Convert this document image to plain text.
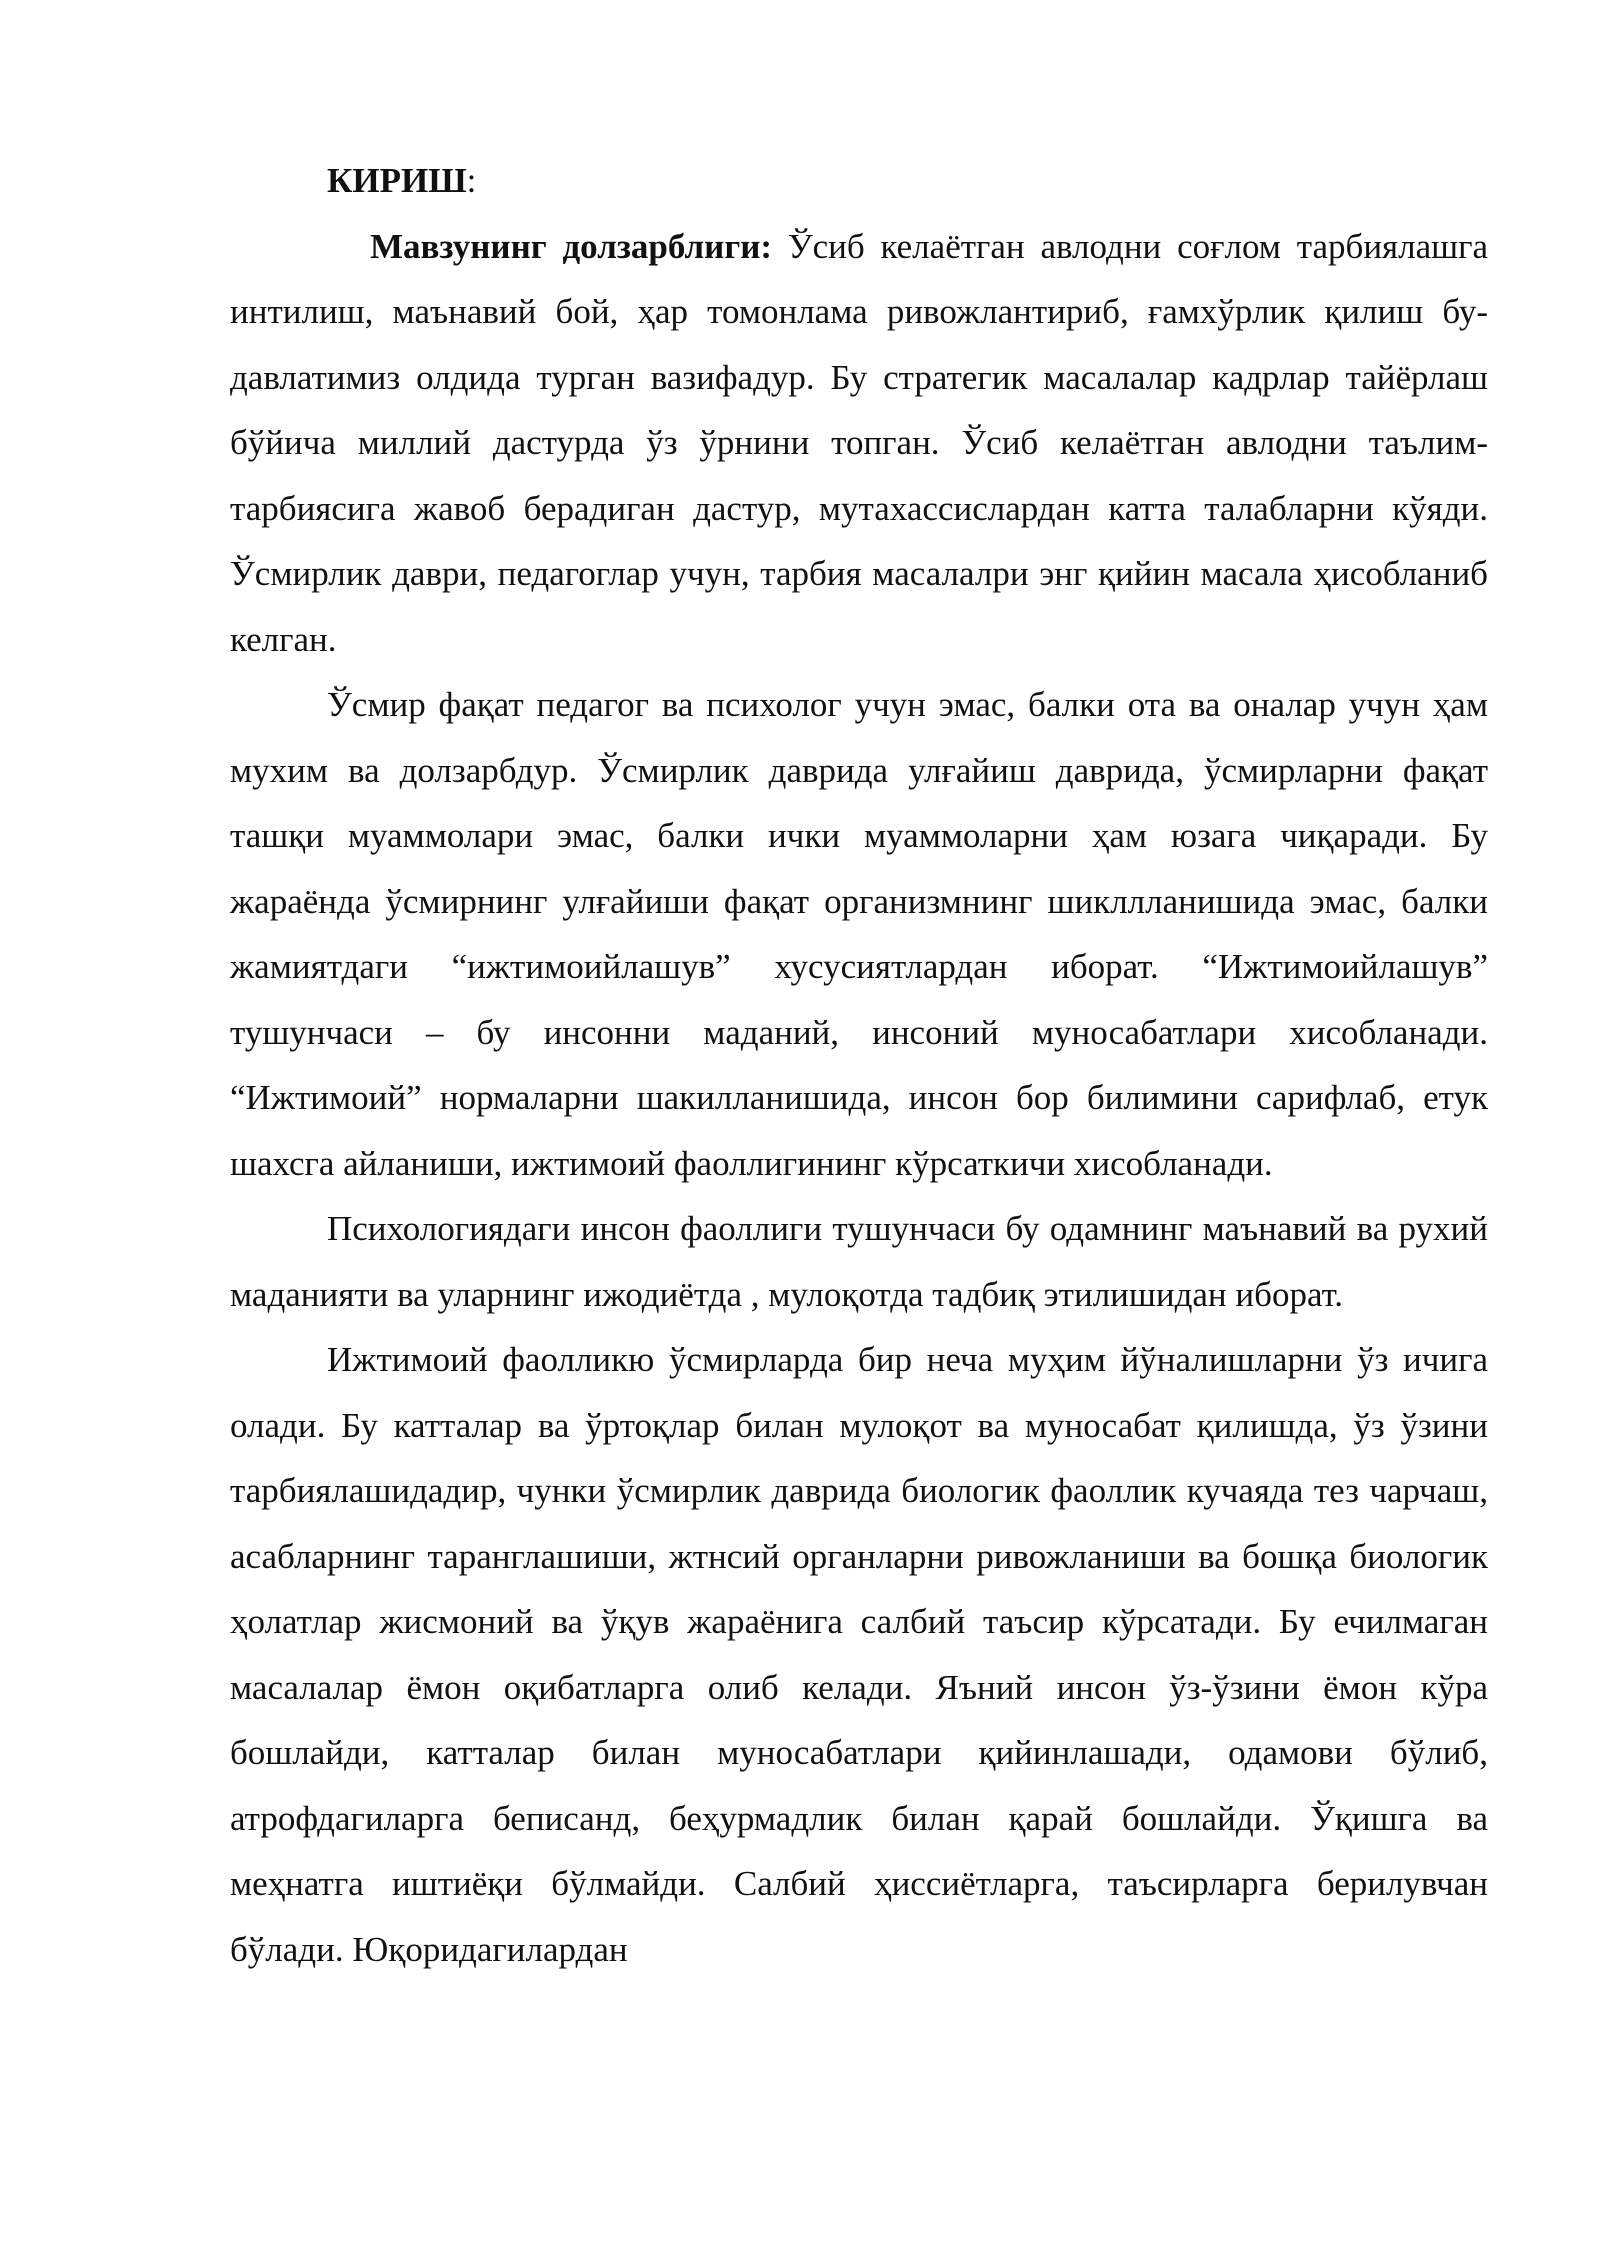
КИРИШ:

Мавзунинг долзарблиги: Ўсиб келаётган авлодни соғлом тарбиялашга интилиш, маънавий бой, ҳар томонлама ривожлантириб, ғамхўрлик қилиш бу- давлатимиз олдида турган вазифадур. Бу стратегик масалалар кадрлар тайёрлаш бўйича миллий дастурда ўз ўрнини топган. Ўсиб келаётган авлодни таълим-тарбиясига жавоб берадиган дастур, мутахассислардан катта талабларни кўяди. Ўсмирлик даври, педагоглар учун, тарбия масалалри энг қийин масала ҳисобланиб келган.

Ўсмир фақат педагог ва психолог учун эмас, балки ота ва оналар учун ҳам мухим ва долзарбдур. Ўсмирлик даврида улғайиш даврида, ўсмирларни фақат ташқи муаммолари эмас, балки ички муаммоларни ҳам юзага чиқаради. Бу жараёнда ўсмирнинг улғайиши фақат организмнинг шикллланишида эмас, балки жамиятдаги “ижтимоийлашув” хусусиятлардан иборат. “Ижтимоийлашув” тушунчаси – бу инсонни маданий, инсоний муносабатлари хисобланади. “Ижтимоий” нормаларни шакилланишида, инсон бор билимини сарифлаб, етук шахсга айланиши, ижтимоий фаоллигининг кўрсаткичи хисобланади.

Психологиядаги инсон фаоллиги тушунчаси бу одамнинг маънавий ва рухий маданияти ва уларнинг ижодиётда , мулоқотда тадбиқ этилишидан иборат.

Ижтимоий фаолликю ўсмирларда бир неча муҳим йўналишларни ўз ичига олади. Бу катталар ва ўртоқлар билан мулоқот ва муносабат қилишда, ўз ўзини тарбиялашидадир, чунки ўсмирлик даврида биологик фаоллик кучаяда тез чарчаш, асабларнинг таранглашиши, жтнсий органларни ривожланиши ва бошқа биологик ҳолатлар жисмоний ва ўқув жараёнига салбий таъсир кўрсатади. Бу ечилмаган масалалар ёмон оқибатларга олиб келади. Яъний инсон ўз-ўзини ёмон кўра бошлайди, катталар билан муносабатлари қийинлашади, одамови бўлиб, атрофдагиларга беписанд, беҳурмадлик билан қарай бошлайди. Ўқишга ва меҳнатга иштиёқи бўлмайди. Салбий ҳиссиётларга, таъсирларга берилувчан бўлади. Юқоридагилардан
